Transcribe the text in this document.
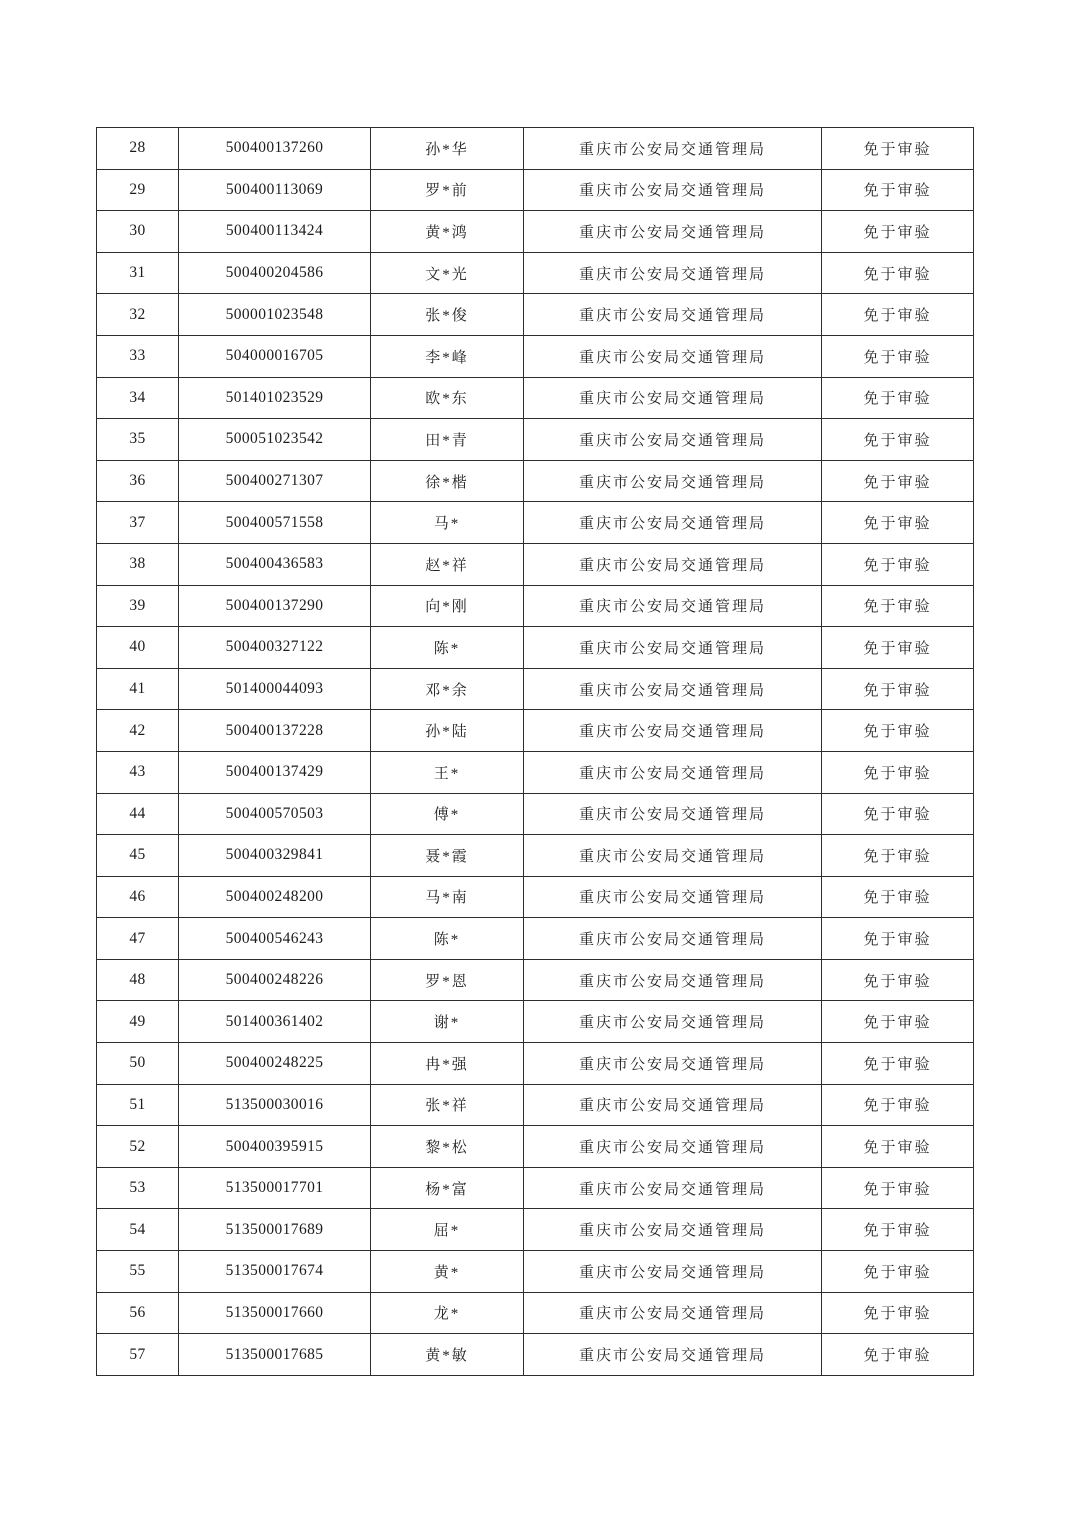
28	500400137260	孙*华	重庆市公安局交通管理局	免于审验
29	500400113069	罗*前	重庆市公安局交通管理局	免于审验
30	500400113424	黄*鸿	重庆市公安局交通管理局	免于审验
31	500400204586	文*光	重庆市公安局交通管理局	免于审验
32	500001023548	张*俊	重庆市公安局交通管理局	免于审验
33	504000016705	李*峰	重庆市公安局交通管理局	免于审验
34	501401023529	欧*东	重庆市公安局交通管理局	免于审验
35	500051023542	田*青	重庆市公安局交通管理局	免于审验
36	500400271307	徐*楷	重庆市公安局交通管理局	免于审验
37	500400571558	马*	重庆市公安局交通管理局	免于审验
38	500400436583	赵*祥	重庆市公安局交通管理局	免于审验
39	500400137290	向*刚	重庆市公安局交通管理局	免于审验
40	500400327122	陈*	重庆市公安局交通管理局	免于审验
41	501400044093	邓*余	重庆市公安局交通管理局	免于审验
42	500400137228	孙*陆	重庆市公安局交通管理局	免于审验
43	500400137429	王*	重庆市公安局交通管理局	免于审验
44	500400570503	傅*	重庆市公安局交通管理局	免于审验
45	500400329841	聂*霞	重庆市公安局交通管理局	免于审验
46	500400248200	马*南	重庆市公安局交通管理局	免于审验
47	500400546243	陈*	重庆市公安局交通管理局	免于审验
48	500400248226	罗*恩	重庆市公安局交通管理局	免于审验
49	501400361402	谢*	重庆市公安局交通管理局	免于审验
50	500400248225	冉*强	重庆市公安局交通管理局	免于审验
51	513500030016	张*祥	重庆市公安局交通管理局	免于审验
52	500400395915	黎*松	重庆市公安局交通管理局	免于审验
53	513500017701	杨*富	重庆市公安局交通管理局	免于审验
54	513500017689	屈*	重庆市公安局交通管理局	免于审验
55	513500017674	黄*	重庆市公安局交通管理局	免于审验
56	513500017660	龙*	重庆市公安局交通管理局	免于审验
57	513500017685	黄*敏	重庆市公安局交通管理局	免于审验
